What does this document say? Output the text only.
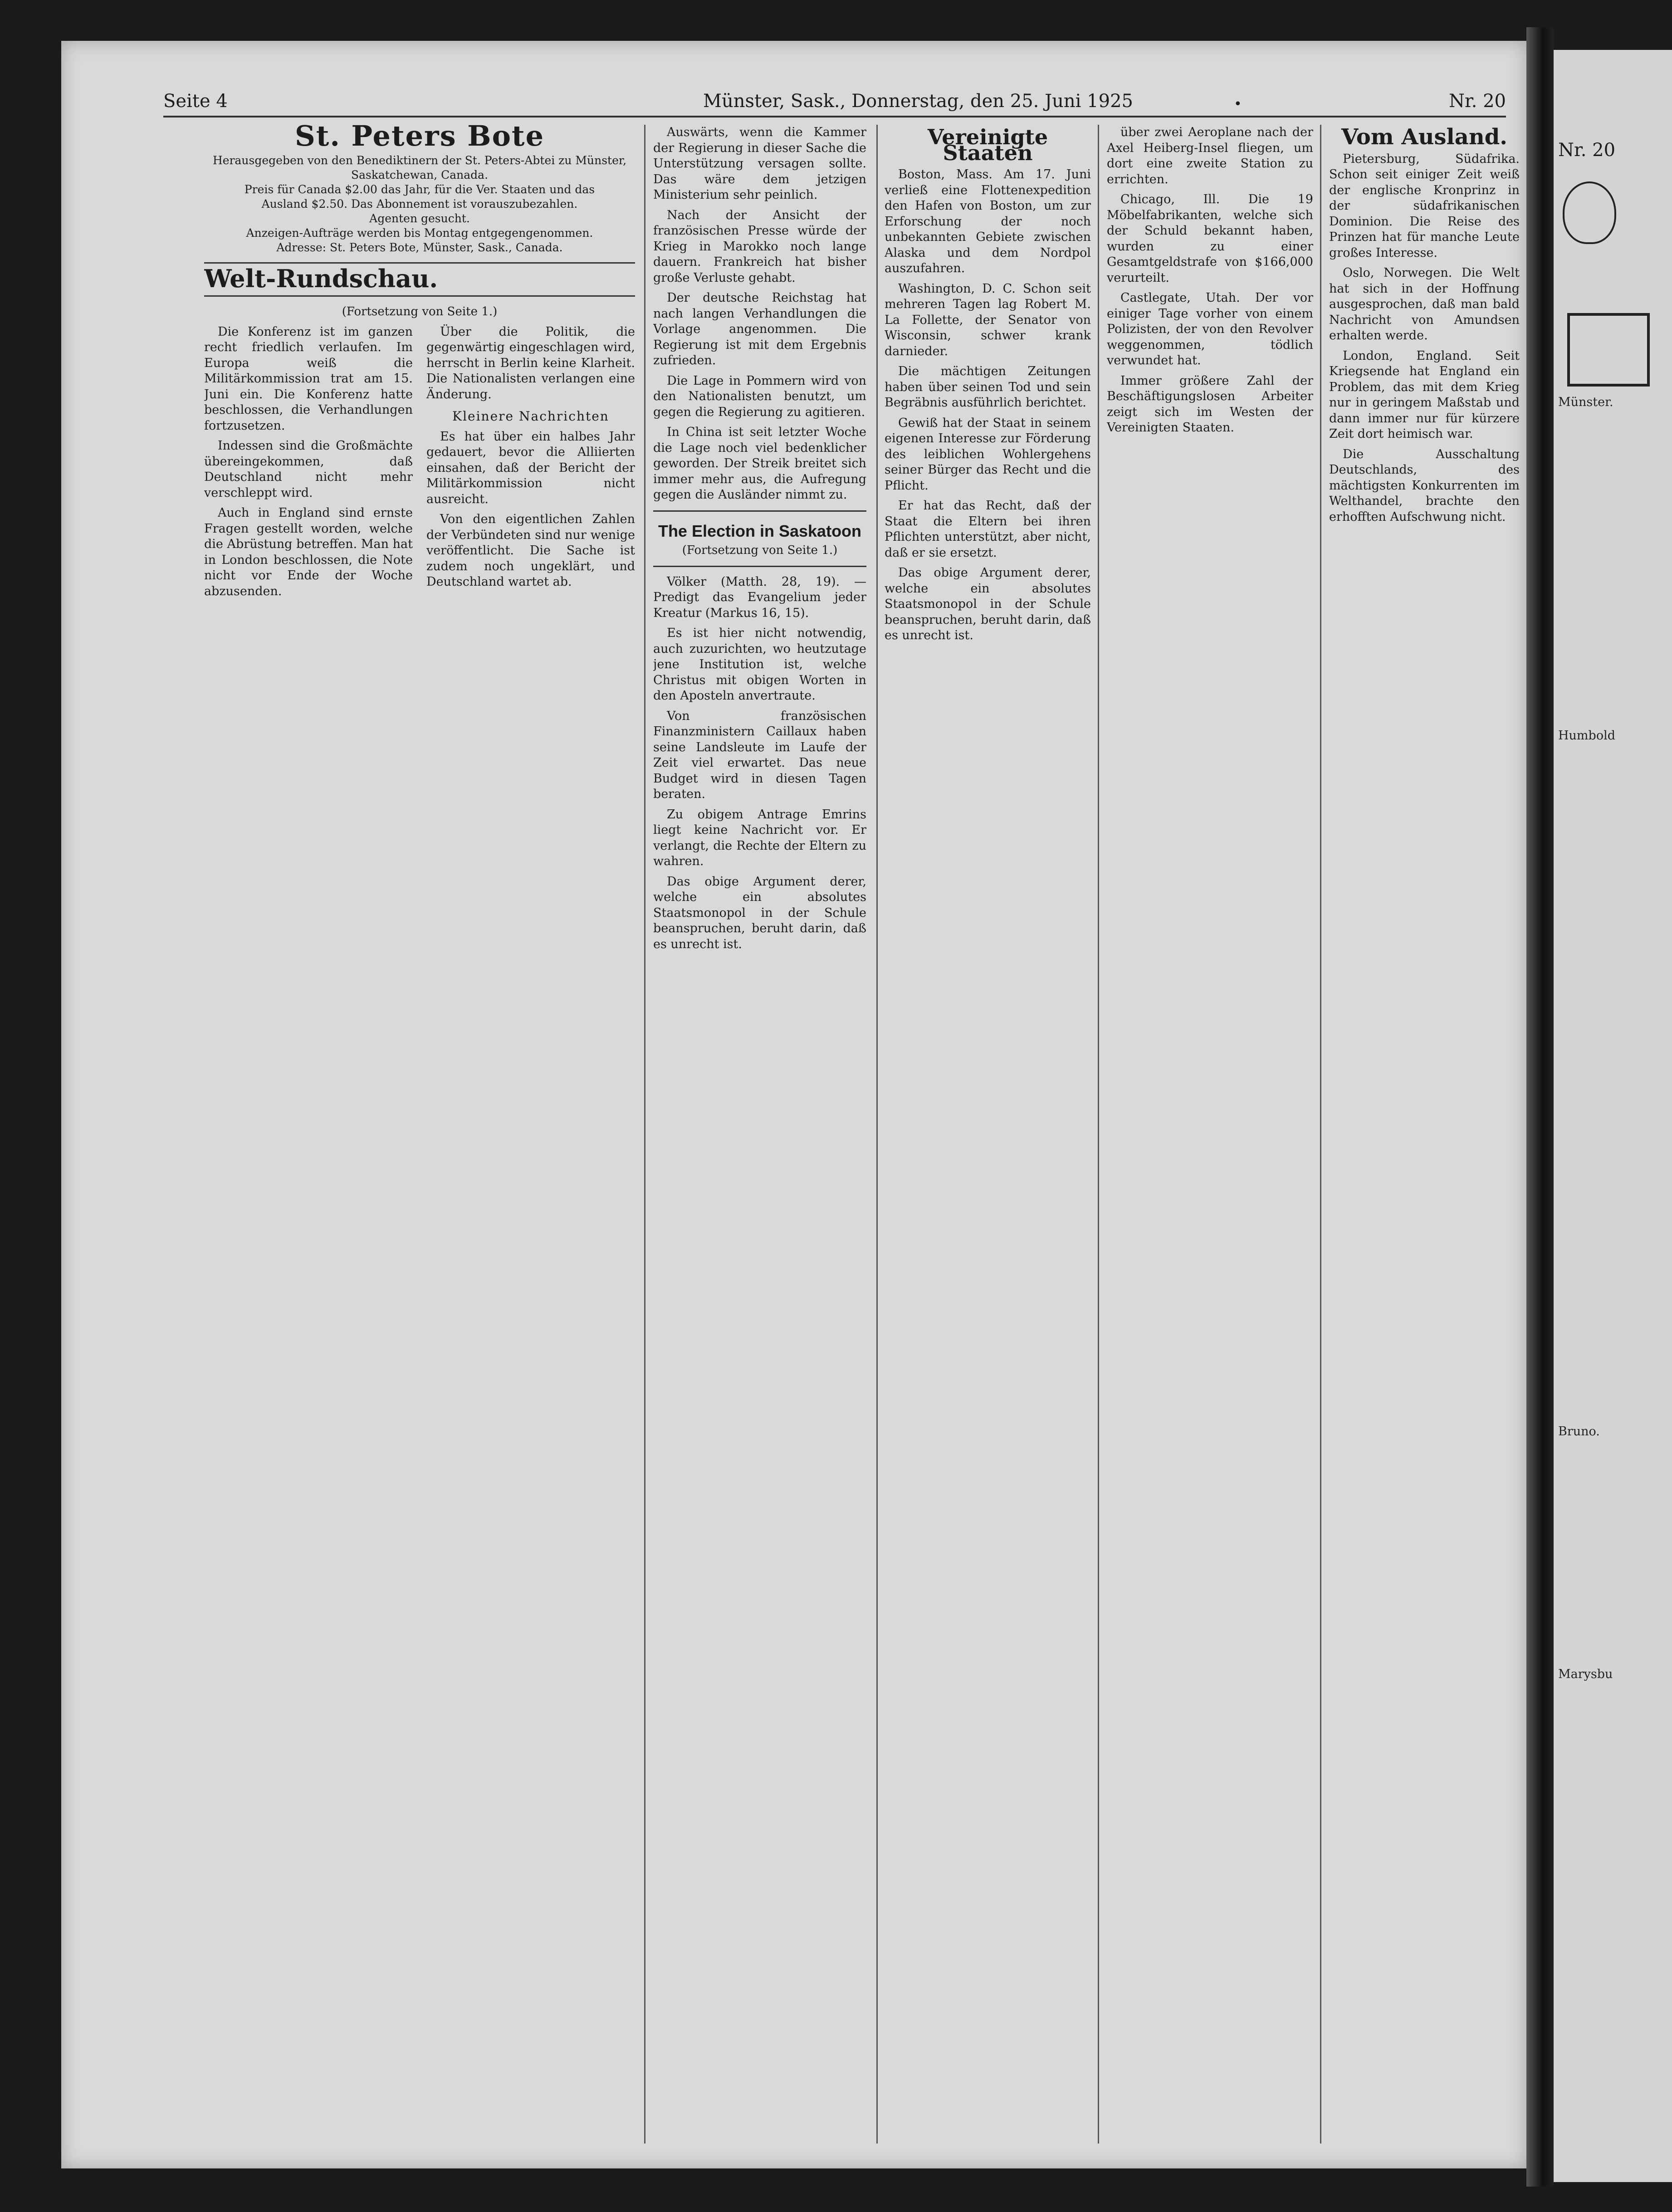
Seite 4	Münster, Sask., Donnerstag, den 25. Juni 1925	Nr. 20
•
St. Peters Bote
Herausgegeben von den Benediktinern der St. Peters-Abtei zu Münster,
Saskatchewan, Canada.
Preis für Canada $2.00 das Jahr, für die Ver. Staaten und das
Ausland $2.50. Das Abonnement ist vorauszubezahlen.
Agenten gesucht.
Anzeigen-Aufträge werden bis Montag entgegengenommen.
Adresse: St. Peters Bote, Münster, Sask., Canada.
Welt-Rundschau.
(Fortsetzung von Seite 1.)

Die Konferenz ist im ganzen recht friedlich verlaufen. Im Europa weiß die Militärkommission trat am 15. Juni ein. Die Konferenz hatte beschlossen, die Verhandlungen fortzusetzen.

Indessen sind die Großmächte übereingekommen, daß Deutschland nicht mehr verschleppt wird.

Auch in England sind ernste Fragen gestellt worden, welche die Abrüstung betreffen. Man hat in London beschlossen, die Note nicht vor Ende der Woche abzusenden.

Über die Politik, die gegenwärtig eingeschlagen wird, herrscht in Berlin keine Klarheit. Die Nationalisten verlangen eine Änderung.

Kleinere Nachrichten

Es hat über ein halbes Jahr gedauert, bevor die Alliierten einsahen, daß der Bericht der Militärkommission nicht ausreicht.

Von den eigentlichen Zahlen der Verbündeten sind nur wenige veröffentlicht. Die Sache ist zudem noch ungeklärt, und Deutschland wartet ab.

Auswärts, wenn die Kammer der Regierung in dieser Sache die Unterstützung versagen sollte. Das wäre dem jetzigen Ministerium sehr peinlich.

Nach der Ansicht der französischen Presse würde der Krieg in Marokko noch lange dauern. Frankreich hat bisher große Verluste gehabt.

Der deutsche Reichstag hat nach langen Verhandlungen die Vorlage angenommen. Die Regierung ist mit dem Ergebnis zufrieden.

Die Lage in Pommern wird von den Nationalisten benutzt, um gegen die Regierung zu agitieren.

In China ist seit letzter Woche die Lage noch viel bedenklicher geworden. Der Streik breitet sich immer mehr aus, die Aufregung gegen die Ausländer nimmt zu.

The Election in Saskatoon
(Fortsetzung von Seite 1.)

Völker (Matth. 28, 19). — Predigt das Evangelium jeder Kreatur (Markus 16, 15).

Es ist hier nicht notwendig, auch zuzurichten, wo heutzutage jene Institution ist, welche Christus mit obigen Worten in den Aposteln anvertraute.

Von französischen Finanzministern Caillaux haben seine Landsleute im Laufe der Zeit viel erwartet. Das neue Budget wird in diesen Tagen beraten.

Zu obigem Antrage Emrins liegt keine Nachricht vor. Er verlangt, die Rechte der Eltern zu wahren.

Das obige Argument derer, welche ein absolutes Staatsmonopol in der Schule beanspruchen, beruht darin, daß es unrecht ist.

Vereinigte Staaten

Boston, Mass. Am 17. Juni verließ eine Flottenexpedition den Hafen von Boston, um zur Erforschung der noch unbekannten Gebiete zwischen Alaska und dem Nordpol auszufahren.

Washington, D. C. Schon seit mehreren Tagen lag Robert M. La Follette, der Senator von Wisconsin, schwer krank darnieder.

Die mächtigen Zeitungen haben über seinen Tod und sein Begräbnis ausführlich berichtet.

Gewiß hat der Staat in seinem eigenen Interesse zur Förderung des leiblichen Wohlergehens seiner Bürger das Recht und die Pflicht.

Er hat das Recht, daß der Staat die Eltern bei ihren Pflichten unterstützt, aber nicht, daß er sie ersetzt.

Das obige Argument derer, welche ein absolutes Staatsmonopol in der Schule beanspruchen, beruht darin, daß es unrecht ist.

über zwei Aeroplane nach der Axel Heiberg-Insel fliegen, um dort eine zweite Station zu errichten.

Chicago, Ill. Die 19 Möbelfabrikanten, welche sich der Schuld bekannt haben, wurden zu einer Gesamtgeldstrafe von $166,000 verurteilt.

Castlegate, Utah. Der vor einiger Tage vorher von einem Polizisten, der von den Revolver weggenommen, tödlich verwundet hat.

Immer größere Zahl der Beschäftigungslosen Arbeiter zeigt sich im Westen der Vereinigten Staaten.

Vom Ausland.

Pietersburg, Südafrika. Schon seit einiger Zeit weiß der englische Kronprinz in der südafrikanischen Dominion. Die Reise des Prinzen hat für manche Leute großes Interesse.

Oslo, Norwegen. Die Welt hat sich in der Hoffnung ausgesprochen, daß man bald Nachricht von Amundsen erhalten werde.

London, England. Seit Kriegsende hat England ein Problem, das mit dem Krieg nur in geringem Maßstab und dann immer nur für kürzere Zeit dort heimisch war.

Die Ausschaltung Deutschlands, des mächtigsten Konkurrenten im Welthandel, brachte den erhofften Aufschwung nicht.

Nr. 20
Münster.
Humbold
Bruno.
Marysbu
